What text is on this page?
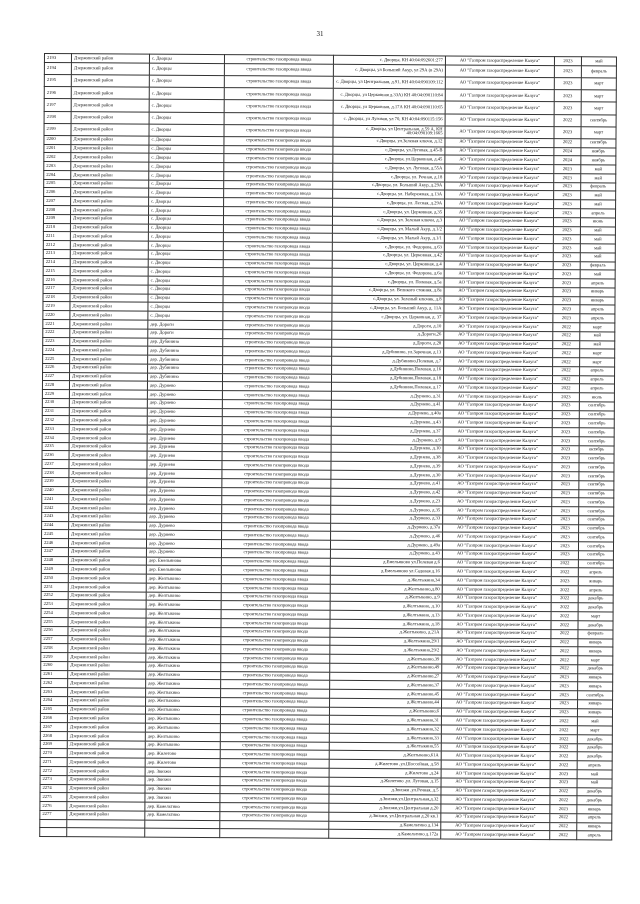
31
2193	Дзержинский район	с. Дворцы	строительство газопровода ввода	с. Дворцы, КН 40:04:092601:277	АО "Газпром газораспределение Калуга"	2023	май
2194	Дзержинский район	с. Дворцы	строительство газопровода ввода	с. Дворцы, ул Больший Акур, ул 29А (в 29А)	АО "Газпром газораспределение Калуга"	2023	февраль
2195	Дзержинский район	с. Дворцы	строительство газопровода ввода	с. Дворцы, ул Центральная, д.91, КН 40:04:090109:112	АО "Газпром газораспределение Калуга"	2023	март
2196	Дзержинский район	с. Дворцы	строительство газопровода ввода	с. Дворцы, ул Церковная д.33А) КН 40:04:090110:84	АО "Газпром газораспределение Калуга"	2023	март
2197	Дзержинский район	с. Дворцы	строительство газопровода ввода	с. Дворцы, ул Церковная, д.17А КН 40:04:090110:65	АО "Газпром газораспределение Калуга"	2023	март
2198	Дзержинский район	с. Дворцы	строительство газопровода ввода	с. Дворцы, ул Луговая, ул 70, КН 40:04:090115:156	АО "Газпром газораспределение Калуга"	2022	сентябрь
2199	Дзержинский район	с. Дворцы	строительство газопровода ввода	с. Дворцы, ул Центральная, д.59 А, КН 40:04:090109:1665	АО "Газпром газораспределение Калуга"	2023	март
2200	Дзержинский район	с. Дворцы	строительство газопровода ввода	с.Дворцы, ул.Зеленая ключи, д.12	АО "Газпром газораспределение Калуга"	2022	сентябрь
2201	Дзержинский район	с. Дворцы	строительство газопровода ввода	с.Дворцы, ул.Луговая, д.45-В	АО "Газпром газораспределение Калуга"	2024	ноябрь
2202	Дзержинский район	с. Дворцы	строительство газопровода ввода	с.Дворцы, ул.Церковная, д.45	АО "Газпром газораспределение Калуга"	2024	ноябрь
2203	Дзержинский район	с. Дворцы	строительство газопровода ввода	с.Дворцы, ул. Луговая, д.55А	АО "Газпром газораспределение Калуга"	2023	май
2204	Дзержинский район	с. Дворцы	строительство газопровода ввода	с.Дворцы, ул. Речная, д.18	АО "Газпром газораспределение Калуга"	2023	май
2205	Дзержинский район	с. Дворцы	строительство газопровода ввода	с.Дворцы, ул. Больший Акур, д.29А	АО "Газпром газораспределение Калуга"	2023	февраль
2206	Дзержинский район	с. Дворцы	строительство газопровода ввода	с.Дворцы, ул. Набережная, д.13А	АО "Газпром газораспределение Калуга"	2023	май
2207	Дзержинский район	с. Дворцы	строительство газопровода ввода	с.Дворцы, ул. Лесная, д.29А	АО "Газпром газораспределение Калуга"	2023	май
2208	Дзержинский район	с. Дворцы	строительство газопровода ввода	с.Дворцы, ул. Церковная, д.35	АО "Газпром газораспределение Калуга"	2023	апрель
2209	Дзержинский район	с. Дворцы	строительство газопровода ввода	с.Дворцы, ул. Зеленая ключи, д.3	АО "Газпром газораспределение Калуга"	2023	июнь
2210	Дзержинский район	с. Дворцы	строительство газопровода ввода	с.Дворцы, ул. Малый Акур, д.1/2	АО "Газпром газораспределение Калуга"	2023	май
2211	Дзержинский район	с. Дворцы	строительство газопровода ввода	с.Дворцы, ул. Малый Акур, д.1/1	АО "Газпром газораспределение Калуга"	2023	май
2212	Дзержинский район	с. Дворцы	строительство газопровода ввода	с.Дворцы, ул. Федорова, д.63	АО "Газпром газораспределение Калуга"	2023	май
2213	Дзержинский район	с. Дворцы	строительство газопровода ввода	с.Дворцы, ул. Церковная, д.42	АО "Газпром газораспределение Калуга"	2023	май
2214	Дзержинский район	с. Дворцы	строительство газопровода ввода	с.Дворцы, ул. Церковная, д.4	АО "Газпром газораспределение Калуга"	2023	февраль
2215	Дзержинский район	с. Дворцы	строительство газопровода ввода	с.Дворцы, ул. Федорова, д.6а	АО "Газпром газораспределение Калуга"	2023	май
2216	Дзержинский район	с. Дворцы	строительство газопровода ввода	с.Дворцы, ул. Полевая, д.5а	АО "Газпром газораспределение Калуга"	2023	апрель
2217	Дзержинский район	с. Дворцы	строительство газопровода ввода	с.Дворцы, ул. Великого стояния, д.8а	АО "Газпром газораспределение Калуга"	2023	январь
2218	Дзержинский район	с. Дворцы	строительство газопровода ввода	с.Дворцы, ул. Зеленый ключик, д.8	АО "Газпром газораспределение Калуга"	2023	январь
2219	Дзержинский район	с. Дворцы	строительство газопровода ввода	с.Дворцы, ул. Больший Акур, д. 11А	АО "Газпром газораспределение Калуга"	2023	апрель
2220	Дзержинский район	с. Дворцы	строительство газопровода ввода	с.Дворцы, ул. Церковная, д. 37	АО "Газпром газораспределение Калуга"	2023	апрель
2221	Дзержинский район	дер. Дороги	строительство газопровода ввода	д.Дороги, д.10	АО "Газпром газораспределение Калуга"	2022	март
2222	Дзержинский район	дер. Дороги	строительство газопровода ввода	д.Дороги,26	АО "Газпром газораспределение Калуга"	2022	май
2223	Дзержинский район	дер. Дубинино	строительство газопровода ввода	д.Дороги, д.28	АО "Газпром газораспределение Калуга"	2022	май
2224	Дзержинский район	дер. Дубинино	строительство газопровода ввода	д.Дубинино, ул.Заречная, д.13	АО "Газпром газораспределение Калуга"	2022	март
2225	Дзержинский район	дер. Дубинино	строительство газопровода ввода	д.Дубинино,Полевая, д.7	АО "Газпром газораспределение Калуга"	2022	март
2226	Дзержинский район	дер. Дубинино	строительство газопровода ввода	д.Дубинино,Полевая, д.16	АО "Газпром газораспределение Калуга"	2022	апрель
2227	Дзержинский район	дер. Дубинино	строительство газопровода ввода	д.Дубинино,Полевая, д.18	АО "Газпром газораспределение Калуга"	2022	апрель
2228	Дзержинский район	дер. Дурнево	строительство газопровода ввода	д.Дубинино,Полевая, д.17	АО "Газпром газораспределение Калуга"	2022	апрель
2229	Дзержинский район	дер. Дурнево	строительство газопровода ввода	д.Дурнево, д.31	АО "Газпром газораспределение Калуга"	2023	июль
2230	Дзержинский район	дер. Дурнево	строительство газопровода ввода	д.Дурнево, д.41	АО "Газпром газораспределение Калуга"	2023	сентябрь
2231	Дзержинский район	дер. Дурнево	строительство газопровода ввода	д.Дурнево, д.40а	АО "Газпром газораспределение Калуга"	2023	сентябрь
2232	Дзержинский район	дер. Дурнево	строительство газопровода ввода	д.Дурнево, д.43	АО "Газпром газораспределение Калуга"	2023	сентябрь
2233	Дзержинский район	дер. Дурнево	строительство газопровода ввода	д.Дурнево, д.37	АО "Газпром газораспределение Калуга"	2023	сентябрь
2234	Дзержинский район	дер. Дурнево	строительство газопровода ввода	д.Дурнево, д.9	АО "Газпром газораспределение Калуга"	2023	сентябрь
2235	Дзержинский район	дер. Дурнево	строительство газопровода ввода	д.Дурнево, д.10	АО "Газпром газораспределение Калуга"	2023	октябрь
2236	Дзержинский район	дер. Дурнево	строительство газопровода ввода	д.Дурнево, д.38	АО "Газпром газораспределение Калуга"	2023	сентябрь
2237	Дзержинский район	дер. Дурнево	строительство газопровода ввода	д.Дурнево, д.39	АО "Газпром газораспределение Калуга"	2023	сентябрь
2238	Дзержинский район	дер. Дурнево	строительство газопровода ввода	д.Дурнево, д.30	АО "Газпром газораспределение Калуга"	2023	сентябрь
2239	Дзержинский район	дер. Дурнево	строительство газопровода ввода	д.Дурнево, д.41	АО "Газпром газораспределение Калуга"	2023	сентябрь
2240	Дзержинский район	дер. Дурнево	строительство газопровода ввода	д.Дурнево, д.42	АО "Газпром газораспределение Калуга"	2023	сентябрь
2241	Дзержинский район	дер. Дурнево	строительство газопровода ввода	д.Дурнево, д.23	АО "Газпром газораспределение Калуга"	2023	сентябрь
2242	Дзержинский район	дер. Дурнево	строительство газопровода ввода	д.Дурнево, д.35	АО "Газпром газораспределение Калуга"	2023	сентябрь
2243	Дзержинский район	дер. Дурнево	строительство газопровода ввода	д.Дурнево, д.33	АО "Газпром газораспределение Калуга"	2023	сентябрь
2244	Дзержинский район	дер. Дурнево	строительство газопровода ввода	д.Дурнево, д.37а	АО "Газпром газораспределение Калуга"	2023	сентябрь
2245	Дзержинский район	дер. Дурнево	строительство газопровода ввода	д.Дурнево, д.46	АО "Газпром газораспределение Калуга"	2023	сентябрь
2246	Дзержинский район	дер. Дурнево	строительство газопровода ввода	д.Дурнево, д.49а	АО "Газпром газораспределение Калуга"	2023	сентябрь
2247	Дзержинский район	дер. Дурнево	строительство газопровода ввода	д.Дурнево, д.43	АО "Газпром газораспределение Калуга"	2023	сентябрь
2248	Дзержинский район	дер. Емельяново	строительство газопровода ввода	д.Емельяново ул.Полевая д.6	АО "Газпром газораспределение Калуга"	2022	сентябрь
2249	Дзержинский район	дер. Емельяново	строительство газопровода ввода	д.Емельяново ул.Садовая д.16	АО "Газпром газораспределение Калуга"	2022	апрель
2250	Дзержинский район	дер. Желтыкино	строительство газопровода ввода	д.Желтыкино,34	АО "Газпром газораспределение Калуга"	2023	январь
2251	Дзержинский район	дер. Желтыкино	строительство газопровода ввода	д.Желтыкино,д.80	АО "Газпром газораспределение Калуга"	2022	апрель
2252	Дзержинский район	дер. Желтыкино	строительство газопровода ввода	д.Желтыкино, д.9	АО "Газпром газораспределение Калуга"	2022	декабрь
2253	Дзержинский район	дер. Желтыкино	строительство газопровода ввода	д.Желтыкино, д.10	АО "Газпром газораспределение Калуга"	2022	декабрь
2254	Дзержинский район	дер. Желтыкино	строительство газопровода ввода	д.Желтыкино, д.13	АО "Газпром газораспределение Калуга"	2022	март
2255	Дзержинский район	дер. Желтыкино	строительство газопровода ввода	д.Желтыкино, д.18	АО "Газпром газораспределение Калуга"	2022	декабрь
2256	Дзержинский район	дер. Желтыкино	строительство газопровода ввода	д.Желтыкино, д.21А	АО "Газпром газораспределение Калуга"	2022	февраль
2257	Дзержинский район	дер. Желтыкино	строительство газопровода ввода	д.Желтыкино,29/1	АО "Газпром газораспределение Калуга"	2022	январь
2258	Дзержинский район	дер. Желтыкино	строительство газопровода ввода	д.Желтыкино,29/2	АО "Газпром газораспределение Калуга"	2022	январь
2259	Дзержинский район	дер. Желтыкино	строительство газопровода ввода	д.Желтыкино,39	АО "Газпром газораспределение Калуга"	2022	март
2260	Дзержинский район	дер. Желтыкино	строительство газопровода ввода	д.Желтыкино,49	АО "Газпром газораспределение Калуга"	2022	декабрь
2261	Дзержинский район	дер. Желтыкино	строительство газопровода ввода	д.Желтыкино,27	АО "Газпром газораспределение Калуга"	2023	январь
2262	Дзержинский район	дер. Желтыкино	строительство газопровода ввода	д.Желтыкино,37	АО "Газпром газораспределение Калуга"	2023	январь
2263	Дзержинский район	дер. Желтыкино	строительство газопровода ввода	д.Желтыкино,45	АО "Газпром газораспределение Калуга"	2023	сентябрь
2264	Дзержинский район	дер. Желтыкино	строительство газопровода ввода	д.Желтыкино,44	АО "Газпром газораспределение Калуга"	2023	январь
2265	Дзержинский район	дер. Желтыкино	строительство газопровода ввода	д.Желтыкино,6	АО "Газпром газораспределение Калуга"	2023	январь
2266	Дзержинский район	дер. Желтыкино	строительство газопровода ввода	д.Желтыкино,31	АО "Газпром газораспределение Калуга"	2022	май
2267	Дзержинский район	дер. Желтыкино	строительство газопровода ввода	д.Желтыкино,32	АО "Газпром газораспределение Калуга"	2022	март
2268	Дзержинский район	дер. Желтыкино	строительство газопровода ввода	д.Желтыкино,33	АО "Газпром газораспределение Калуга"	2022	декабрь
2269	Дзержинский район	дер. Желтыкино	строительство газопровода ввода	д.Желтыкино,55	АО "Газпром газораспределение Калуга"	2022	декабрь
2270	Дзержинский район	дер. Жилетово	строительство газопровода ввода	д.Желтыкино,61А	АО "Газпром газораспределение Калуга"	2022	декабрь
2271	Дзержинский район	дер. Жилетово	строительство газопровода ввода	д.Жилетово ,ул.Шоссейная, д.58	АО "Газпром газораспределение Калуга"	2022	апрель
2272	Дзержинский район	дер. Звизжи	строительство газопровода ввода	д.Жилетово ,д.24	АО "Газпром газораспределение Калуга"	2023	май
2273	Дзержинский район	дер. Звизжи	строительство газопровода ввода	д.Жилетово ,ул. Луговая, д.15	АО "Газпром газораспределение Калуга"	2023	май
2274	Дзержинский район	дер. Звизжи	строительство газопровода ввода	д.Звизжи ,ул.Речная, д.5	АО "Газпром газораспределение Калуга"	2022	декабрь
2275	Дзержинский район	дер. Звизжи	строительство газопровода ввода	д.Звизжи,ул.Центральная,д.32	АО "Газпром газораспределение Калуга"	2022	декабрь
2276	Дзержинский район	дер. Камельтино	строительство газопровода ввода	д.Звизжи,ул.Центральная д.20	АО "Газпром газораспределение Калуга"	2023	январь
2277	Дзержинский район	дер. Камельтино	строительство газопровода ввода	д.Звизжи, ул.Центральная д.20 кв.1	АО "Газпром газораспределение Калуга"	2022	апрель
				д.Камельтино д.134	АО "Газпром газораспределение Калуга"	2022	январь
				д.Камельтино д.172а	АО "Газпром газораспределение Калуга"	2022	апрель
